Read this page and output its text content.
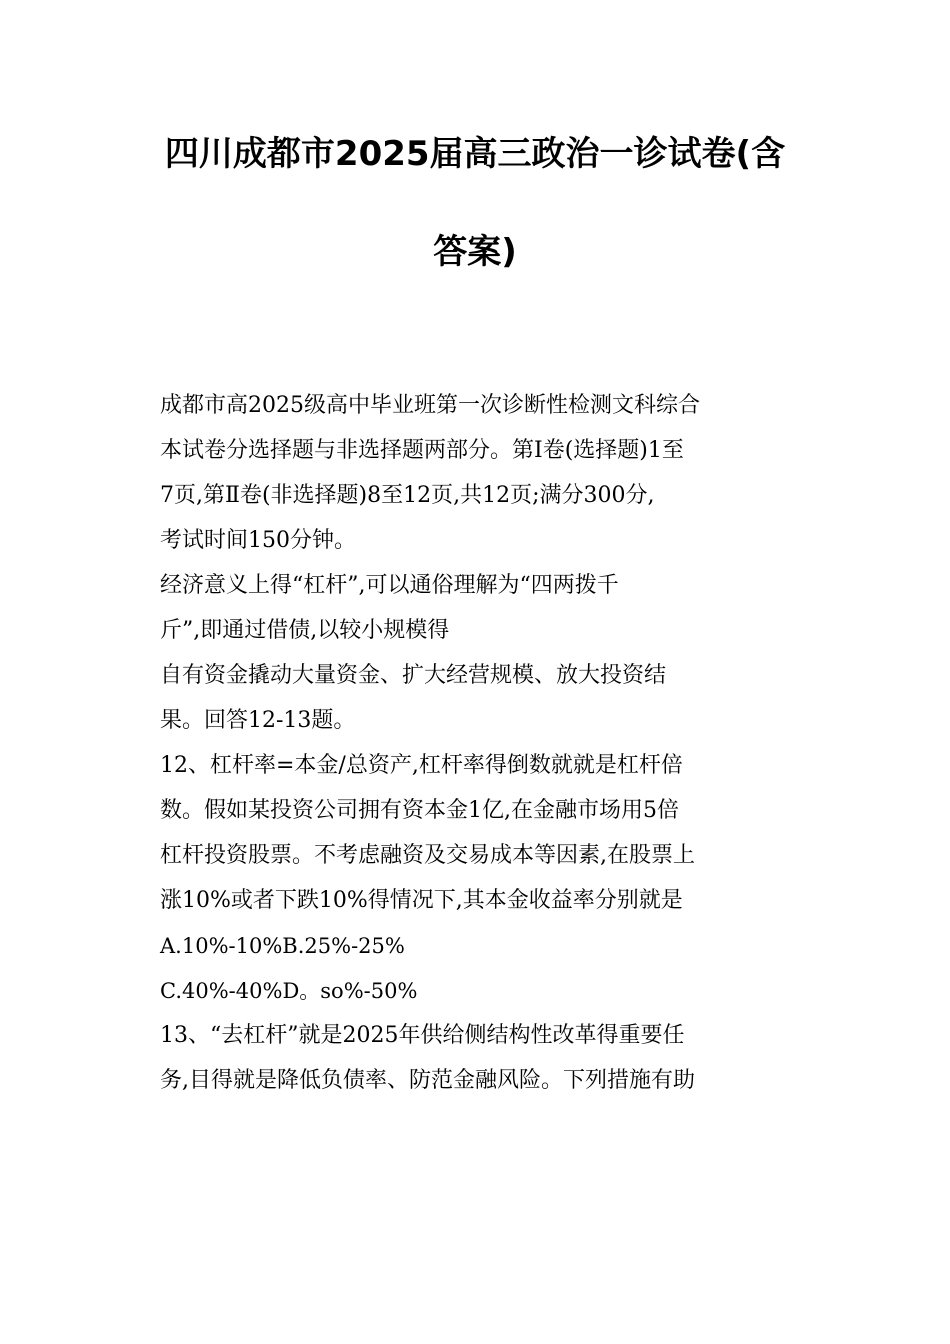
四川成都市2025届高三政治一诊试卷(含
答案)
成都市高2025级高中毕业班第一次诊断性检测文科综合
本试卷分选择题与非选择题两部分。第Ⅰ卷(选择题)1至
7页,第Ⅱ卷(非选择题)8至12页,共12页;满分300分,
考试时间150分钟。
经济意义上得“杠杆”,可以通俗理解为“四两拨千
斤”,即通过借债,以较小规模得
自有资金撬动大量资金、扩大经营规模、放大投资结
果。回答12-13题。
12、杠杆率=本金/总资产,杠杆率得倒数就就是杠杆倍
数。假如某投资公司拥有资本金1亿,在金融市场用5倍
杠杆投资股票。不考虑融资及交易成本等因素,在股票上
涨10%或者下跌10%得情况下,其本金收益率分别就是
A.10%-10%B.25%-25%
C.40%-40%D。so%-50%
13、“去杠杆”就是2025年供给侧结构性改革得重要任
务,目得就是降低负债率、防范金融风险。下列措施有助
